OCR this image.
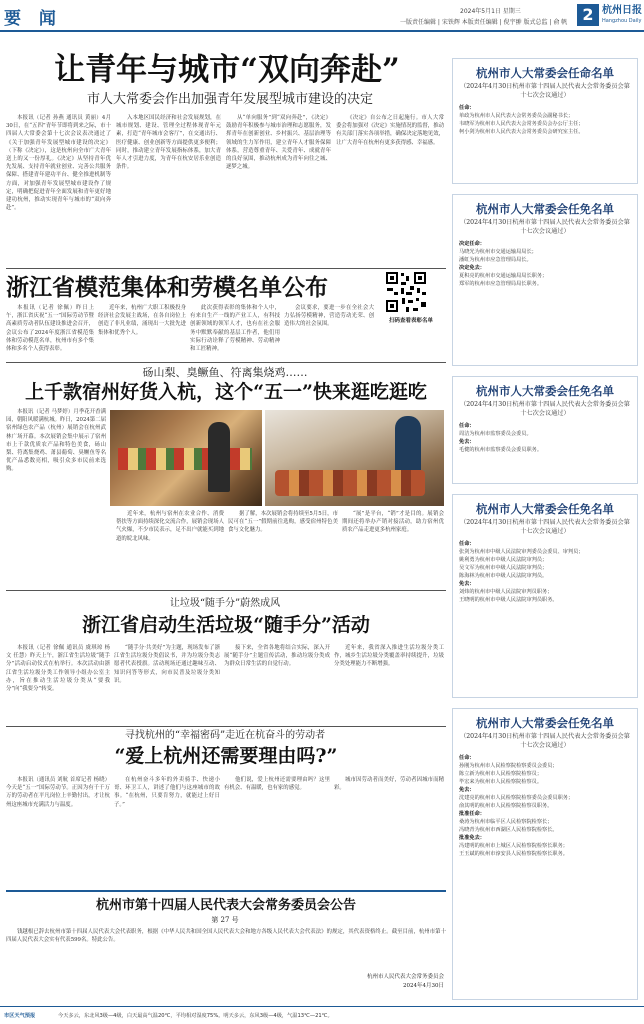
要 闻	2024年5月1日 星期三
一版责任编辑 | 宋铁辉 本版责任编辑 | 倪宇翀 版式总监 | 俞 帆 2 杭州日报
Hangzhou Daily
让青年与城市“双向奔赴”
市人大常委会作出加强青年发展型城市建设的决定

本报讯（记者 孙燕 通讯员 黄丽）4月30日，在“五四”青年节即将到来之际，市十四届人大常委会第十七次会议表决通过了《关于加强青年发展型城市建设的决定》（下称《决定》），这是杭州向全市广大青年送上的又一份厚礼。《决定》从坚持青年优先发展、支持青年就业创业、完善公共服务保障、搭建青年建功平台、健全推进机制等方面，对加强青年发展型城市建设作了规定，明确把促进青年全面发展和青年更好地建功杭州，推动实现青年与城市的“双向奔赴”。

入本地区国民经济和社会发展规划，在城市规划、建设、管理全过程体现青年元素，打造“青年城市会客厅”，在交通出行、医疗健康、创业创新等方面提供更多便利；同时，推动建立青年发展指标体系，加大青年人才引进力度，为青年在杭安居乐业创造条件。

从“单向服务”到“双向奔赴”，《决定》鼓励青年积极参与城市治理和志愿服务，发挥青年在创新创业、乡村振兴、基层治理等领域的生力军作用，建立青年人才服务保障体系，营造尊重青年、关爱青年、成就青年的良好氛围，推动杭州成为青年向往之城、逐梦之城。

《决定》自公布之日起施行。市人大常委会将加强对《决定》实施情况的监督，推动有关部门落实各项举措，确保决定落地见效，让广大青年在杭州有更多获得感、幸福感。

浙江省模范集体和劳模名单公布
扫码查看表彰名单

本报讯（记者 徐佩）昨日上午，浙江省庆祝“五一”国际劳动节暨高素质劳动者队伍建设推进会召开，会议公布了2024年度浙江省模范集体和劳动模范名单，杭州市有多个集体和多名个人获得表彰。

近年来，杭州广大职工积极投身经济社会发展主战场，在各自岗位上创造了非凡业绩，涌现出一大批先进集体和优秀个人。

此次获得表彰的集体和个人中，有来自生产一线的产业工人，有科技创新领域的领军人才，也有在社会服务中默默奉献的基层工作者，他们用实际行动诠释了劳模精神、劳动精神和工匠精神。

会议要求，要进一步在全社会大力弘扬劳模精神，营造劳动光荣、创造伟大的社会氛围。

砀山梨、臭鳜鱼、符离集烧鸡……
上千款宿州好货入杭，这个“五一”快来逛吃逛吃

本报讯（记者 马梦婷）月季花开香满园，朝阳风暖满杭城。昨日，2024第二届宿州绿色农产品（杭州）展销会在杭州武林广场开幕。本次展销会集中展示了宿州市上千款优质农产品和特色美食，砀山梨、符离集烧鸡、萧县葡萄、臭鳜鱼等名优产品悉数亮相，吸引众多市民前来选购。

近年来，杭州与宿州在农业合作、消费帮扶等方面持续深化交流合作，展销会现场人气火爆，不少市民表示，足不出户就能买到地道的皖北风味。

据了解，本次展销会将持续至5月5日，市民可在“五一”假期前往选购，感受宿州特色美食与文化魅力。

“展”是平台，“销”才是目的。展销会期间还将举办产销对接活动，助力宿州优质农产品走进更多杭州家庭。

让垃圾“随手分”蔚然成风
浙江省启动生活垃圾“随手分”活动

本报讯（记者 徐佩 通讯员 虞琪琼 杨文 任慧）昨天上午，浙江省生活垃圾“随手分”活动启动仪式在杭举行。本次活动由浙江省生活垃圾分类工作领导小组办公室主办，旨在推动生活垃圾分类从“要我分”向“我要分”转变。

“随手分·共美好”为主题，现场发布了浙江省生活垃圾分类倡议书，并为垃圾分类志愿者代表授旗。活动现场还通过趣味互动、知识问答等形式，向市民普及垃圾分类知识。

接下来，全省各地将结合实际，深入开展“随手分”主题宣传活动，推动垃圾分类成为群众日常生活的自觉行动。

近年来，我省深入推进生活垃圾分类工作，城乡生活垃圾分类覆盖率持续提升，垃圾分类处理能力不断增强。

寻找杭州的“幸福密码”走近在杭奋斗的劳动者
“爱上杭州还需要理由吗?”

本报讯（通讯员 刘航 首席记者 杨晓）今天是“五一”国际劳动节。正因为有千千万万的劳动者在平凡岗位上辛勤付出，才让杭州这座城市充满活力与温度。

在杭州奋斗多年的外卖骑手、快递小哥、环卫工人，讲述了他们与这座城市的故事。“在杭州，只要肯努力，就能过上好日子。”

他们说，爱上杭州还需要理由吗？这里有机会、有温暖，也有家的感觉。

城市因劳动者而美好，劳动者因城市而精彩。

杭州市第十四届人民代表大会常务委员会公告
第 27 号

钱越根已辞去杭州市第十四届人民代表大会代表职务，根据《中华人民共和国全国人民代表大会和地方各级人民代表大会代表法》的规定，其代表资格终止。截至目前，杭州市第十四届人民代表大会实有代表599名。特此公告。

杭州市人民代表大会常务委员会
2024年4月30日
杭州市人大常委会任命名单
（2024年4月30日杭州市第十四届人民代表大会常务委员会第十七次会议通过）
任命：
单政为杭州市人民代表大会常务委员会副秘书长；
韦晓军为杭州市人民代表大会常务委员会办公厅主任；
柯小剑为杭州市人民代表大会常务委员会研究室主任。
杭州市人大常委会任免名单
（2024年4月30日杭州市第十四届人民代表大会常务委员会第十七次会议通过）
决定任命：
马晓光为杭州市交通运输局局长；
潘虹为杭州市应急管理局局长。
决定免去：
夏积亮的杭州市交通运输局局长职务；
郑军的杭州市应急管理局局长职务。
杭州市人大常委会任免名单
（2024年4月30日杭州市第十四届人民代表大会常务委员会第十七次会议通过）
任命：
周洁为杭州市监察委员会委员。
免去：
毛健的杭州市监察委员会委员职务。
杭州市人大常委会任免名单
（2024年4月30日杭州市第十四届人民代表大会常务委员会第十七次会议通过）
任命：
张剑为杭州市中级人民法院审判委员会委员、审判员；
姚利勇为杭州市中级人民法院审判员；
吴文军为杭州市中级人民法院审判员；
陈海林为杭州市中级人民法院审判员。
免去：
刘炜的杭州市中级人民法院审判员职务；
王晓明的杭州市中级人民法院审判员职务。
杭州市人大常委会任免名单
（2024年4月30日杭州市第十四届人民代表大会常务委员会第十七次会议通过）
任命：
孙刚为杭州市人民检察院检察委员会委员；
陈立新为杭州市人民检察院检察员；
毕宏来为杭州市人民检察院检察员。
免去：
沈建亮的杭州市人民检察院检察委员会委员职务；
俞其明的杭州市人民检察院检察员职务。
批准任命：
桑涛为杭州市临平区人民检察院检察长；
冯晓青为杭州市西湖区人民检察院检察长。
批准免去：
冯建明的杭州市上城区人民检察院检察长职务；
王玉斌的杭州市淳安县人民检察院检察长职务。
市区天气预报	今天多云，东北风3级—4级，白天最高气温20℃，平均相对湿度75%。明天多云，东风3级—4级，气温13℃—21℃。
